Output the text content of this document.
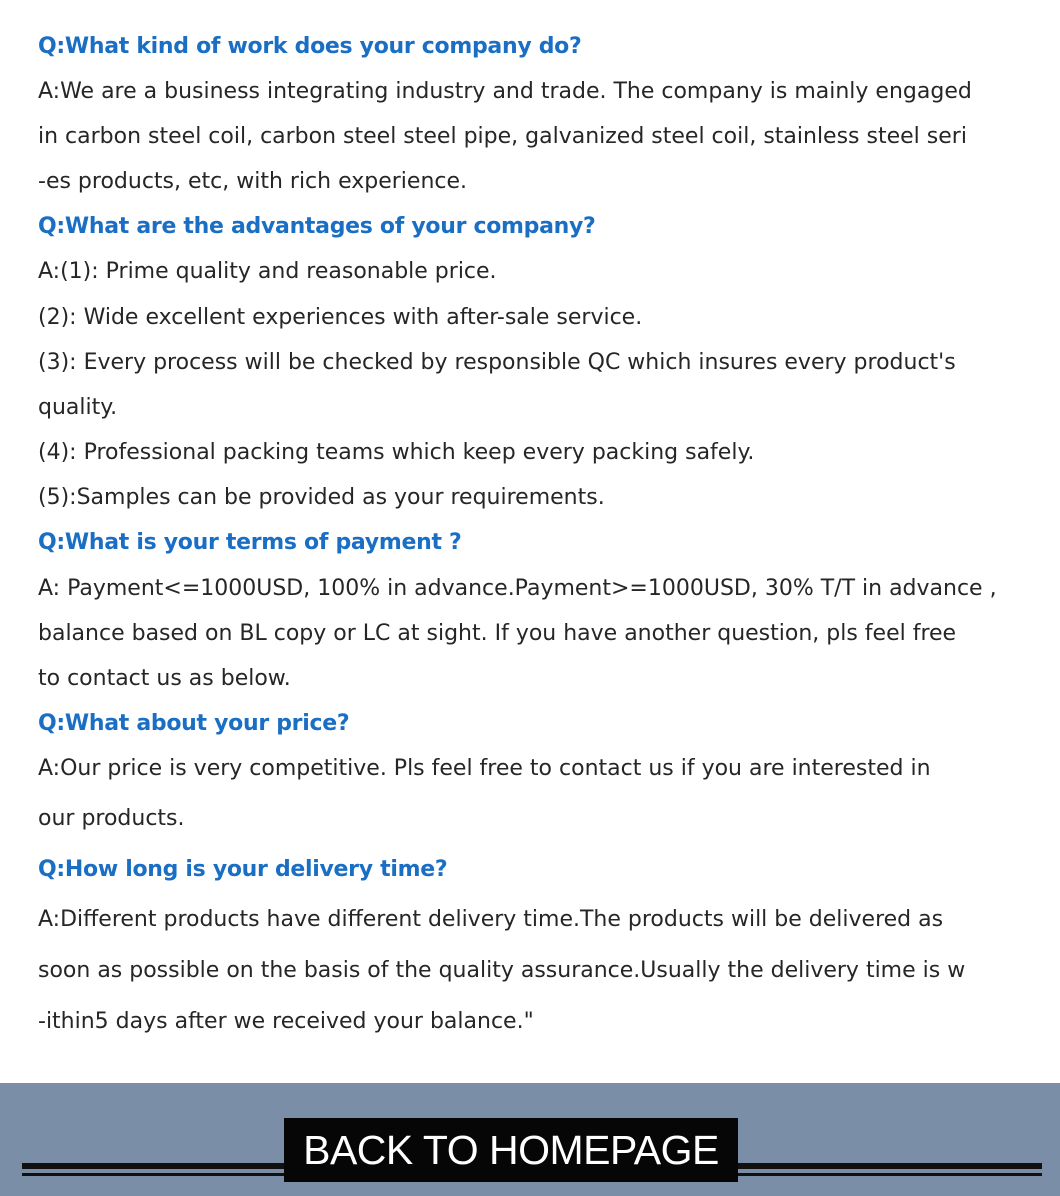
Q:What kind of work does your company do?
A:We are a business integrating industry and trade. The company is mainly engaged
in carbon steel coil, carbon steel steel pipe, galvanized steel coil, stainless steel seri
-es products, etc, with rich experience.
Q:What are the advantages of your company?
A:(1): Prime quality and reasonable price.
(2): Wide excellent experiences with after-sale service.
(3): Every process will be checked by responsible QC which insures every product's
quality.
(4): Professional packing teams which keep every packing safely.
(5):Samples can be provided as your requirements.
Q:What is your terms of payment ?
A: Payment<=1000USD, 100% in advance.Payment>=1000USD, 30% T/T in advance ,
balance based on BL copy or LC at sight. If you have another question, pls feel free
to contact us as below.
Q:What about your price?
A:Our price is very competitive. Pls feel free to contact us if you are interested in
our products.
Q:How long is your delivery time?
A:Different products have different delivery time.The products will be delivered as
soon as possible on the basis of the quality assurance.Usually the delivery time is w
-ithin5 days after we received your balance."
BACK TO HOMEPAGE
